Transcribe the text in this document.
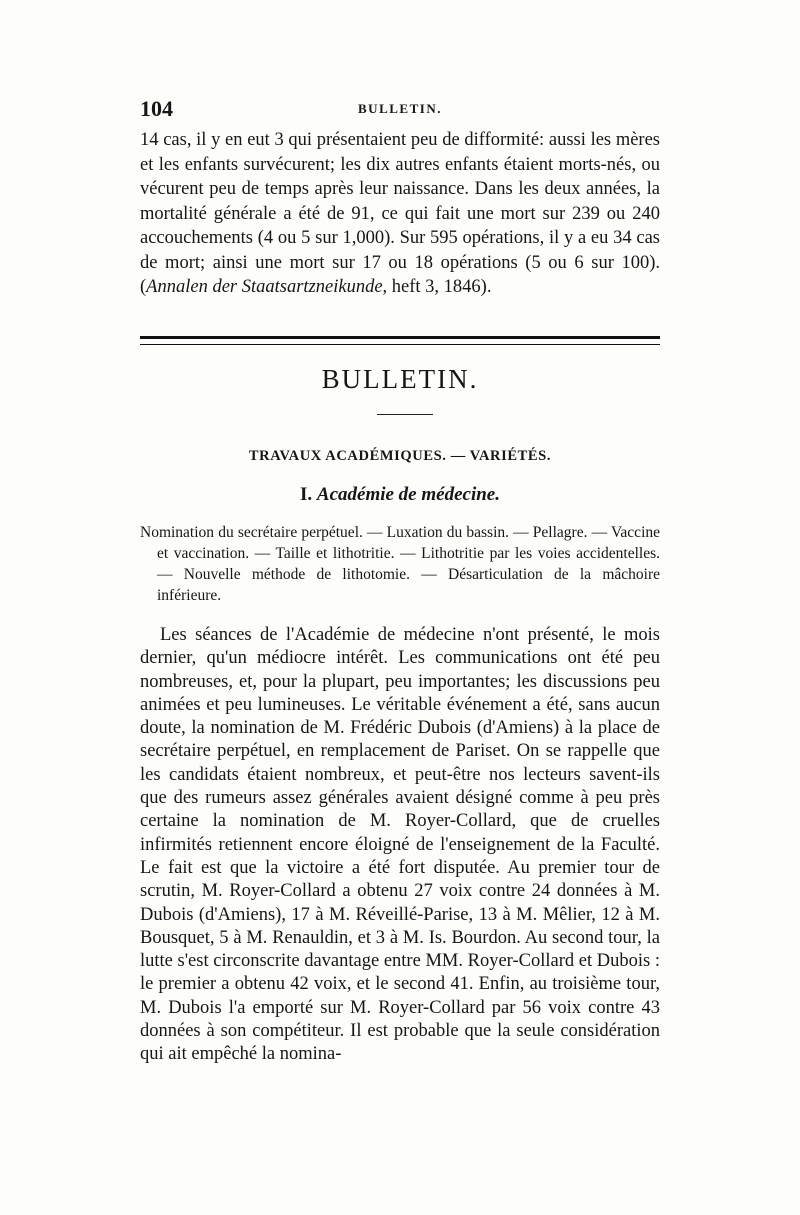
104	BULLETIN.

14 cas, il y en eut 3 qui présentaient peu de difformité: aussi les mères et les enfants survécurent; les dix autres enfants étaient morts-nés, ou vécurent peu de temps après leur naissance. Dans les deux années, la mortalité générale a été de 91, ce qui fait une mort sur 239 ou 240 accouchements (4 ou 5 sur 1,000). Sur 595 opérations, il y a eu 34 cas de mort; ainsi une mort sur 17 ou 18 opérations (5 ou 6 sur 100). (Annalen der Staatsartzneikunde, heft 3, 1846).

BULLETIN.
TRAVAUX ACADÉMIQUES. — VARIÉTÉS.
I. Académie de médecine.

Nomination du secrétaire perpétuel. — Luxation du bassin. — Pellagre. — Vaccine et vaccination. — Taille et lithotritie. — Lithotritie par les voies accidentelles. — Nouvelle méthode de lithotomie. — Désarticulation de la mâchoire inférieure.

Les séances de l'Académie de médecine n'ont présenté, le mois dernier, qu'un médiocre intérêt. Les communications ont été peu nombreuses, et, pour la plupart, peu importantes; les discussions peu animées et peu lumineuses. Le véritable événement a été, sans aucun doute, la nomination de M. Frédéric Dubois (d'Amiens) à la place de secrétaire perpétuel, en remplacement de Pariset. On se rappelle que les candidats étaient nombreux, et peut-être nos lecteurs savent-ils que des rumeurs assez générales avaient désigné comme à peu près certaine la nomination de M. Royer-Collard, que de cruelles infirmités retiennent encore éloigné de l'enseignement de la Faculté. Le fait est que la victoire a été fort disputée. Au premier tour de scrutin, M. Royer-Collard a obtenu 27 voix contre 24 données à M. Dubois (d'Amiens), 17 à M. Réveillé-Parise, 13 à M. Mêlier, 12 à M. Bousquet, 5 à M. Renauldin, et 3 à M. Is. Bourdon. Au second tour, la lutte s'est circonscrite davantage entre MM. Royer-Collard et Dubois : le premier a obtenu 42 voix, et le second 41. Enfin, au troisième tour, M. Dubois l'a emporté sur M. Royer-Collard par 56 voix contre 43 données à son compétiteur. Il est probable que la seule considération qui ait empêché la nomina-
